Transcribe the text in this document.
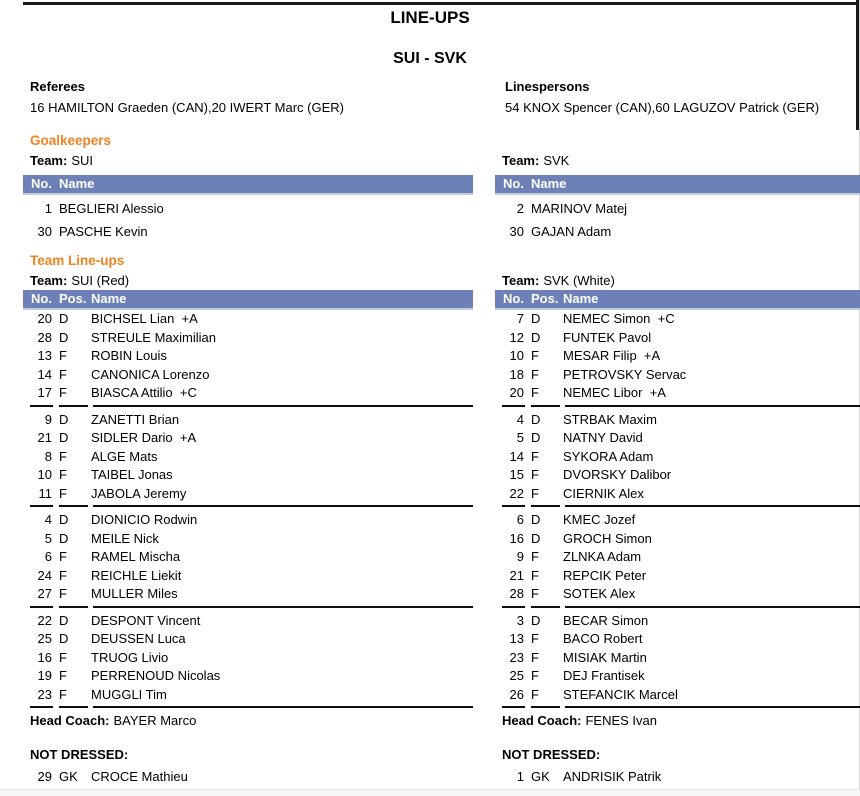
LINE-UPS
SUI - SVK
Referees
16 HAMILTON Graeden (CAN),20 IWERT Marc (GER)
Linespersons
54 KNOX Spencer (CAN),60 LAGUZOV Patrick (GER)
Goalkeepers
Team: SUI
No. Name
1 BEGLIERI Alessio
30 PASCHE Kevin
Team: SVK
No. Name
2 MARINOV Matej
30 GAJAN Adam
Team Line-ups
Team: SUI (Red)
No. Pos. Name
20 D	BICHSEL Lian  +A
28 D	STREULE Maximilian
13 F	ROBIN Louis
14 F	CANONICA Lorenzo
17 F	BIASCA Attilio  +C
9 D	ZANETTI Brian
21 D	SIDLER Dario  +A
8 F	ALGE Mats
10 F	TAIBEL Jonas
11 F	JABOLA Jeremy
4 D	DIONICIO Rodwin
5 D	MEILE Nick
6 F	RAMEL Mischa
24 F	REICHLE Liekit
27 F	MULLER Miles
22 D	DESPONT Vincent
25 D	DEUSSEN Luca
16 F	TRUOG Livio
19 F	PERRENOUD Nicolas
23 F	MUGGLI Tim
Head Coach: BAYER Marco
NOT DRESSED:
29 GK	CROCE Mathieu
Team: SVK (White)
No. Pos. Name
7 D	NEMEC Simon  +C
12 D	FUNTEK Pavol
10 F	MESAR Filip  +A
18 F	PETROVSKY Servac
20 F	NEMEC Libor  +A
4 D	STRBAK Maxim
5 D	NATNY David
14 F	SYKORA Adam
15 F	DVORSKY Dalibor
22 F	CIERNIK Alex
6 D	KMEC Jozef
16 D	GROCH Simon
9 F	ZLNKA Adam
21 F	REPCIK Peter
28 F	SOTEK Alex
3 D	BECAR Simon
13 F	BACO Robert
23 F	MISIAK Martin
25 F	DEJ Frantisek
26 F	STEFANCIK Marcel
Head Coach: FENES Ivan
NOT DRESSED:
1 GK	ANDRISIK Patrik
